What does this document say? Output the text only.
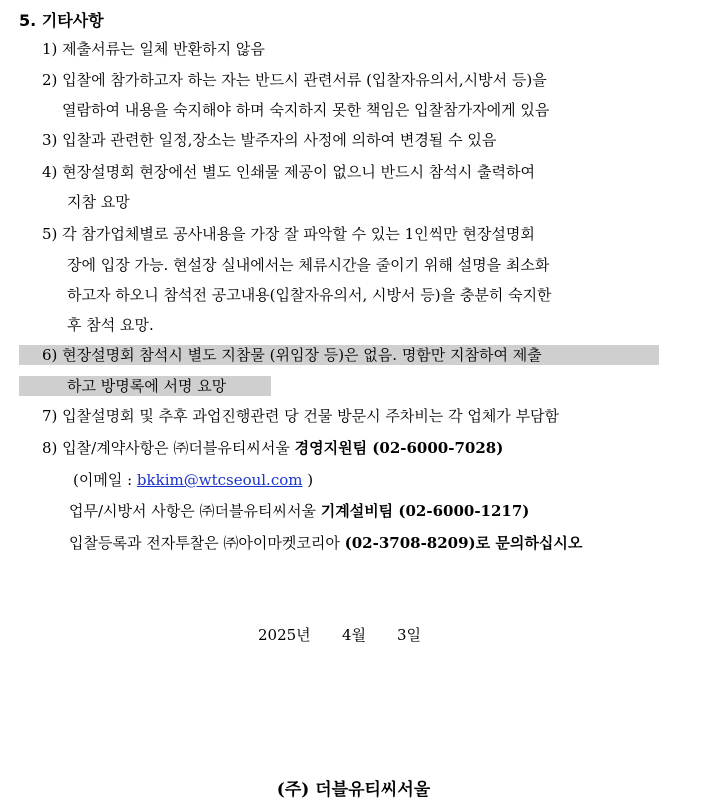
5. 기타사항
1) 제출서류는 일체 반환하지 않음
2) 입찰에 참가하고자 하는 자는 반드시 관련서류 (입찰자유의서,시방서 등)을
열람하여 내용을 숙지해야 하며 숙지하지 못한 책임은 입찰참가자에게 있음
3) 입찰과 관련한 일정,장소는 발주자의 사정에 의하여 변경될 수 있음
4) 현장설명회 현장에선 별도 인쇄물 제공이 없으니 반드시 참석시 출력하여
지참 요망
5) 각 참가업체별로 공사내용을 가장 잘 파악할 수 있는 1인씩만 현장설명회
장에 입장 가능. 현설장 실내에서는 체류시간을 줄이기 위해 설명을 최소화
하고자 하오니 참석전 공고내용(입찰자유의서, 시방서 등)을 충분히 숙지한
후 참석 요망.
6) 현장설명회 참석시 별도 지참물 (위임장 등)은 없음. 명함만 지참하여 제출
하고 방명록에 서명 요망
7) 입찰설명회 및 추후 과업진행관련 당 건물 방문시 주차비는 각 업체가 부담함
8) 입찰/계약사항은 ㈜더블유티씨서울 경영지원팀 (02-6000-7028)
(이메일 : bkkim@wtcseoul.com )
업무/시방서 사항은 ㈜더블유티씨서울 기계설비팀 (02-6000-1217)
입찰등록과 전자투찰은 ㈜아이마켓코리아 (02-3708-8209)로 문의하십시오
2025년 4월 3일
(주) 더블유티씨서울
